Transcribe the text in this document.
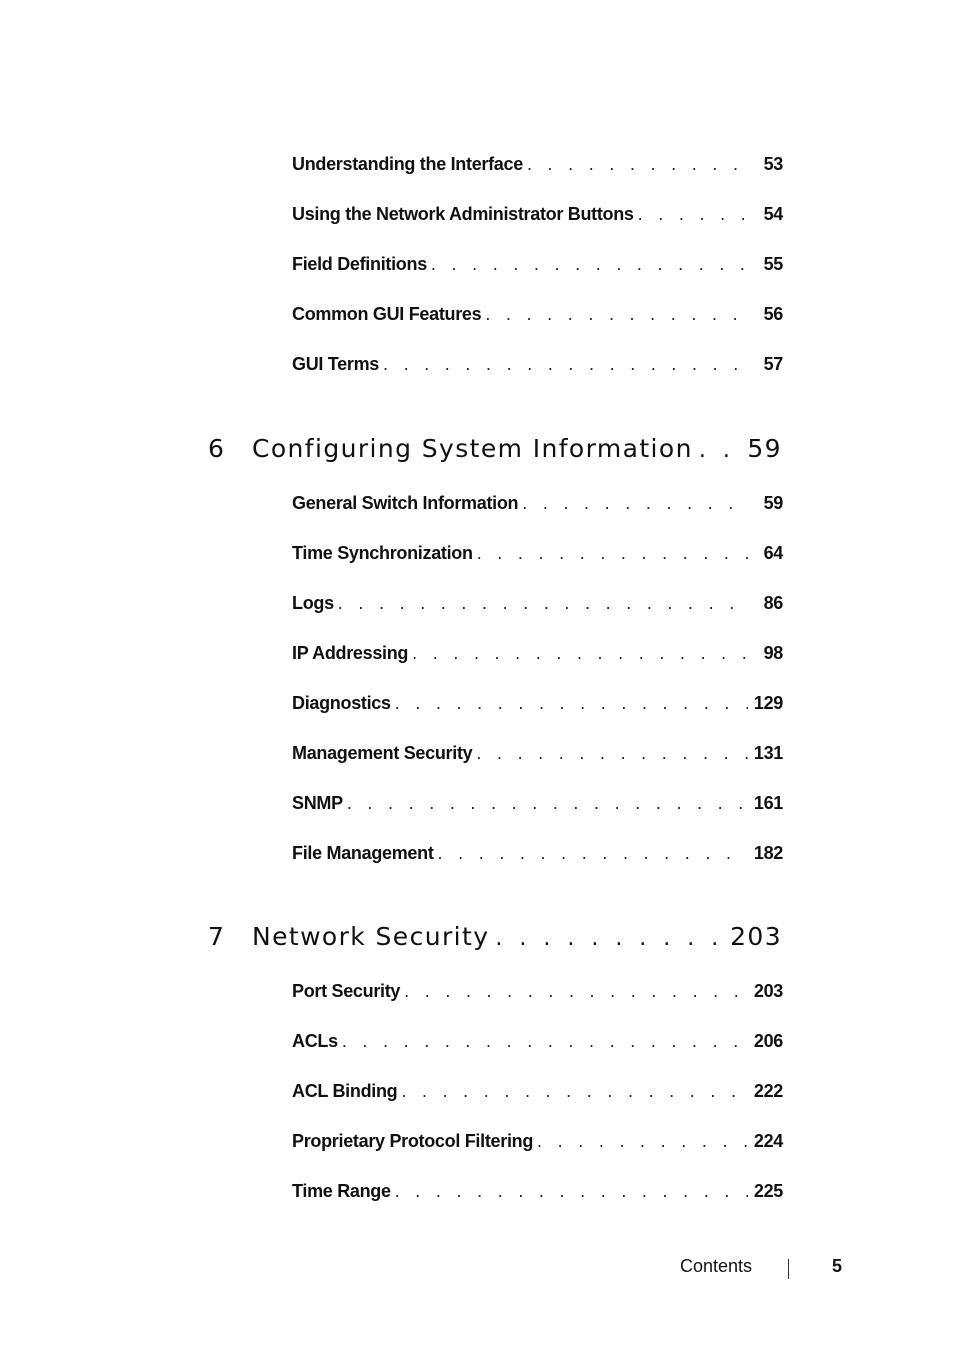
Understanding the Interface . . .	53
Using the Network Administrator Buttons . . .	54
Field Definitions . . .	55
Common GUI Features . . .	56
GUI Terms . . .	57
6	Configuring System Information . . . 59
General Switch Information . . .	59
Time Synchronization . . .	64
Logs . . .	86
IP Addressing . . .	98
Diagnostics . . .	129
Management Security . . .	131
SNMP . . .	161
File Management . . .	182
7	Network Security . . .	203
Port Security . . .	203
ACLs . . .	206
ACL Binding . . .	222
Proprietary Protocol Filtering . . .	224
Time Range . . .	225
Contents	5
